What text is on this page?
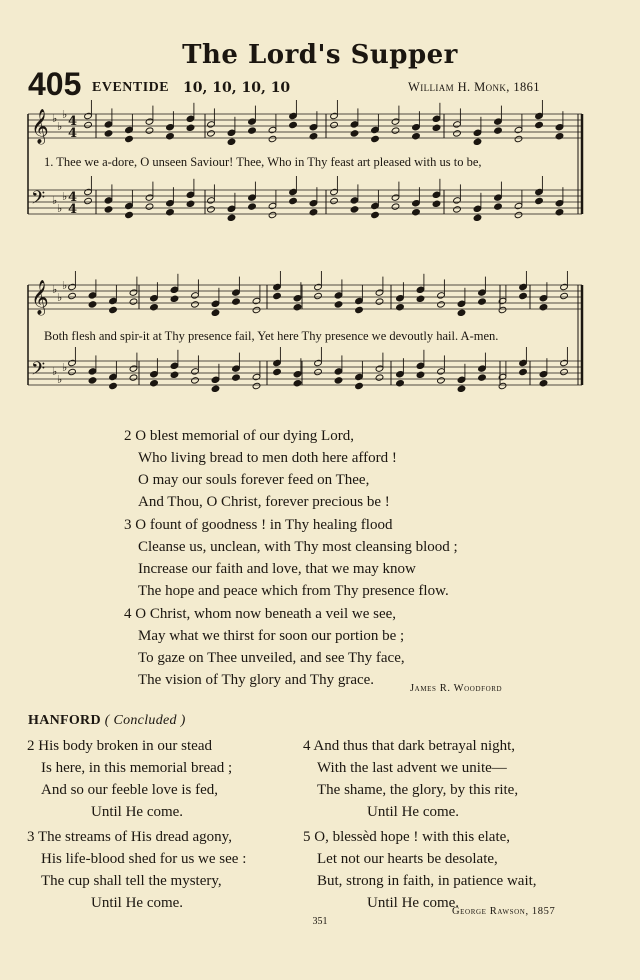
The Lord's Supper
405 EVENTIDE 10, 10, 10, 10	William H. Monk, 1861
𝄞 ♭
♭
♭ 4
4
𝄢 ♭
♭
♭ 4
4
𝄞 ♭
♭
♭
𝄢 ♭
♭
♭
1. Thee we a-dore, O unseen Saviour! Thee, Who in Thy feast art pleased with us to be,
Both flesh and spir-it at Thy presence fail, Yet here Thy presence we devoutly hail. A-men.
2 O blest memorial of our dying Lord,
Who living bread to men doth here afford !
O may our souls forever feed on Thee,
And Thou, O Christ, forever precious be !
3 O fount of goodness ! in Thy healing flood
Cleanse us, unclean, with Thy most cleansing blood ;
Increase our faith and love, that we may know
The hope and peace which from Thy presence flow.
4 O Christ, whom now beneath a veil we see,
May what we thirst for soon our portion be ;
To gaze on Thee unveiled, and see Thy face,
The vision of Thy glory and Thy grace.
James R. Woodford
HANFORD ( Concluded )
2 His body broken in our stead
Is here, in this memorial bread ;
And so our feeble love is fed,
Until He come.
3 The streams of His dread agony,
His life-blood shed for us we see :
The cup shall tell the mystery,
Until He come.
4 And thus that dark betrayal night,
With the last advent we unite—
The shame, the glory, by this rite,
Until He come.
5 O, blessèd hope ! with this elate,
Let not our hearts be desolate,
But, strong in faith, in patience wait,
Until He come.
George Rawson, 1857
351
